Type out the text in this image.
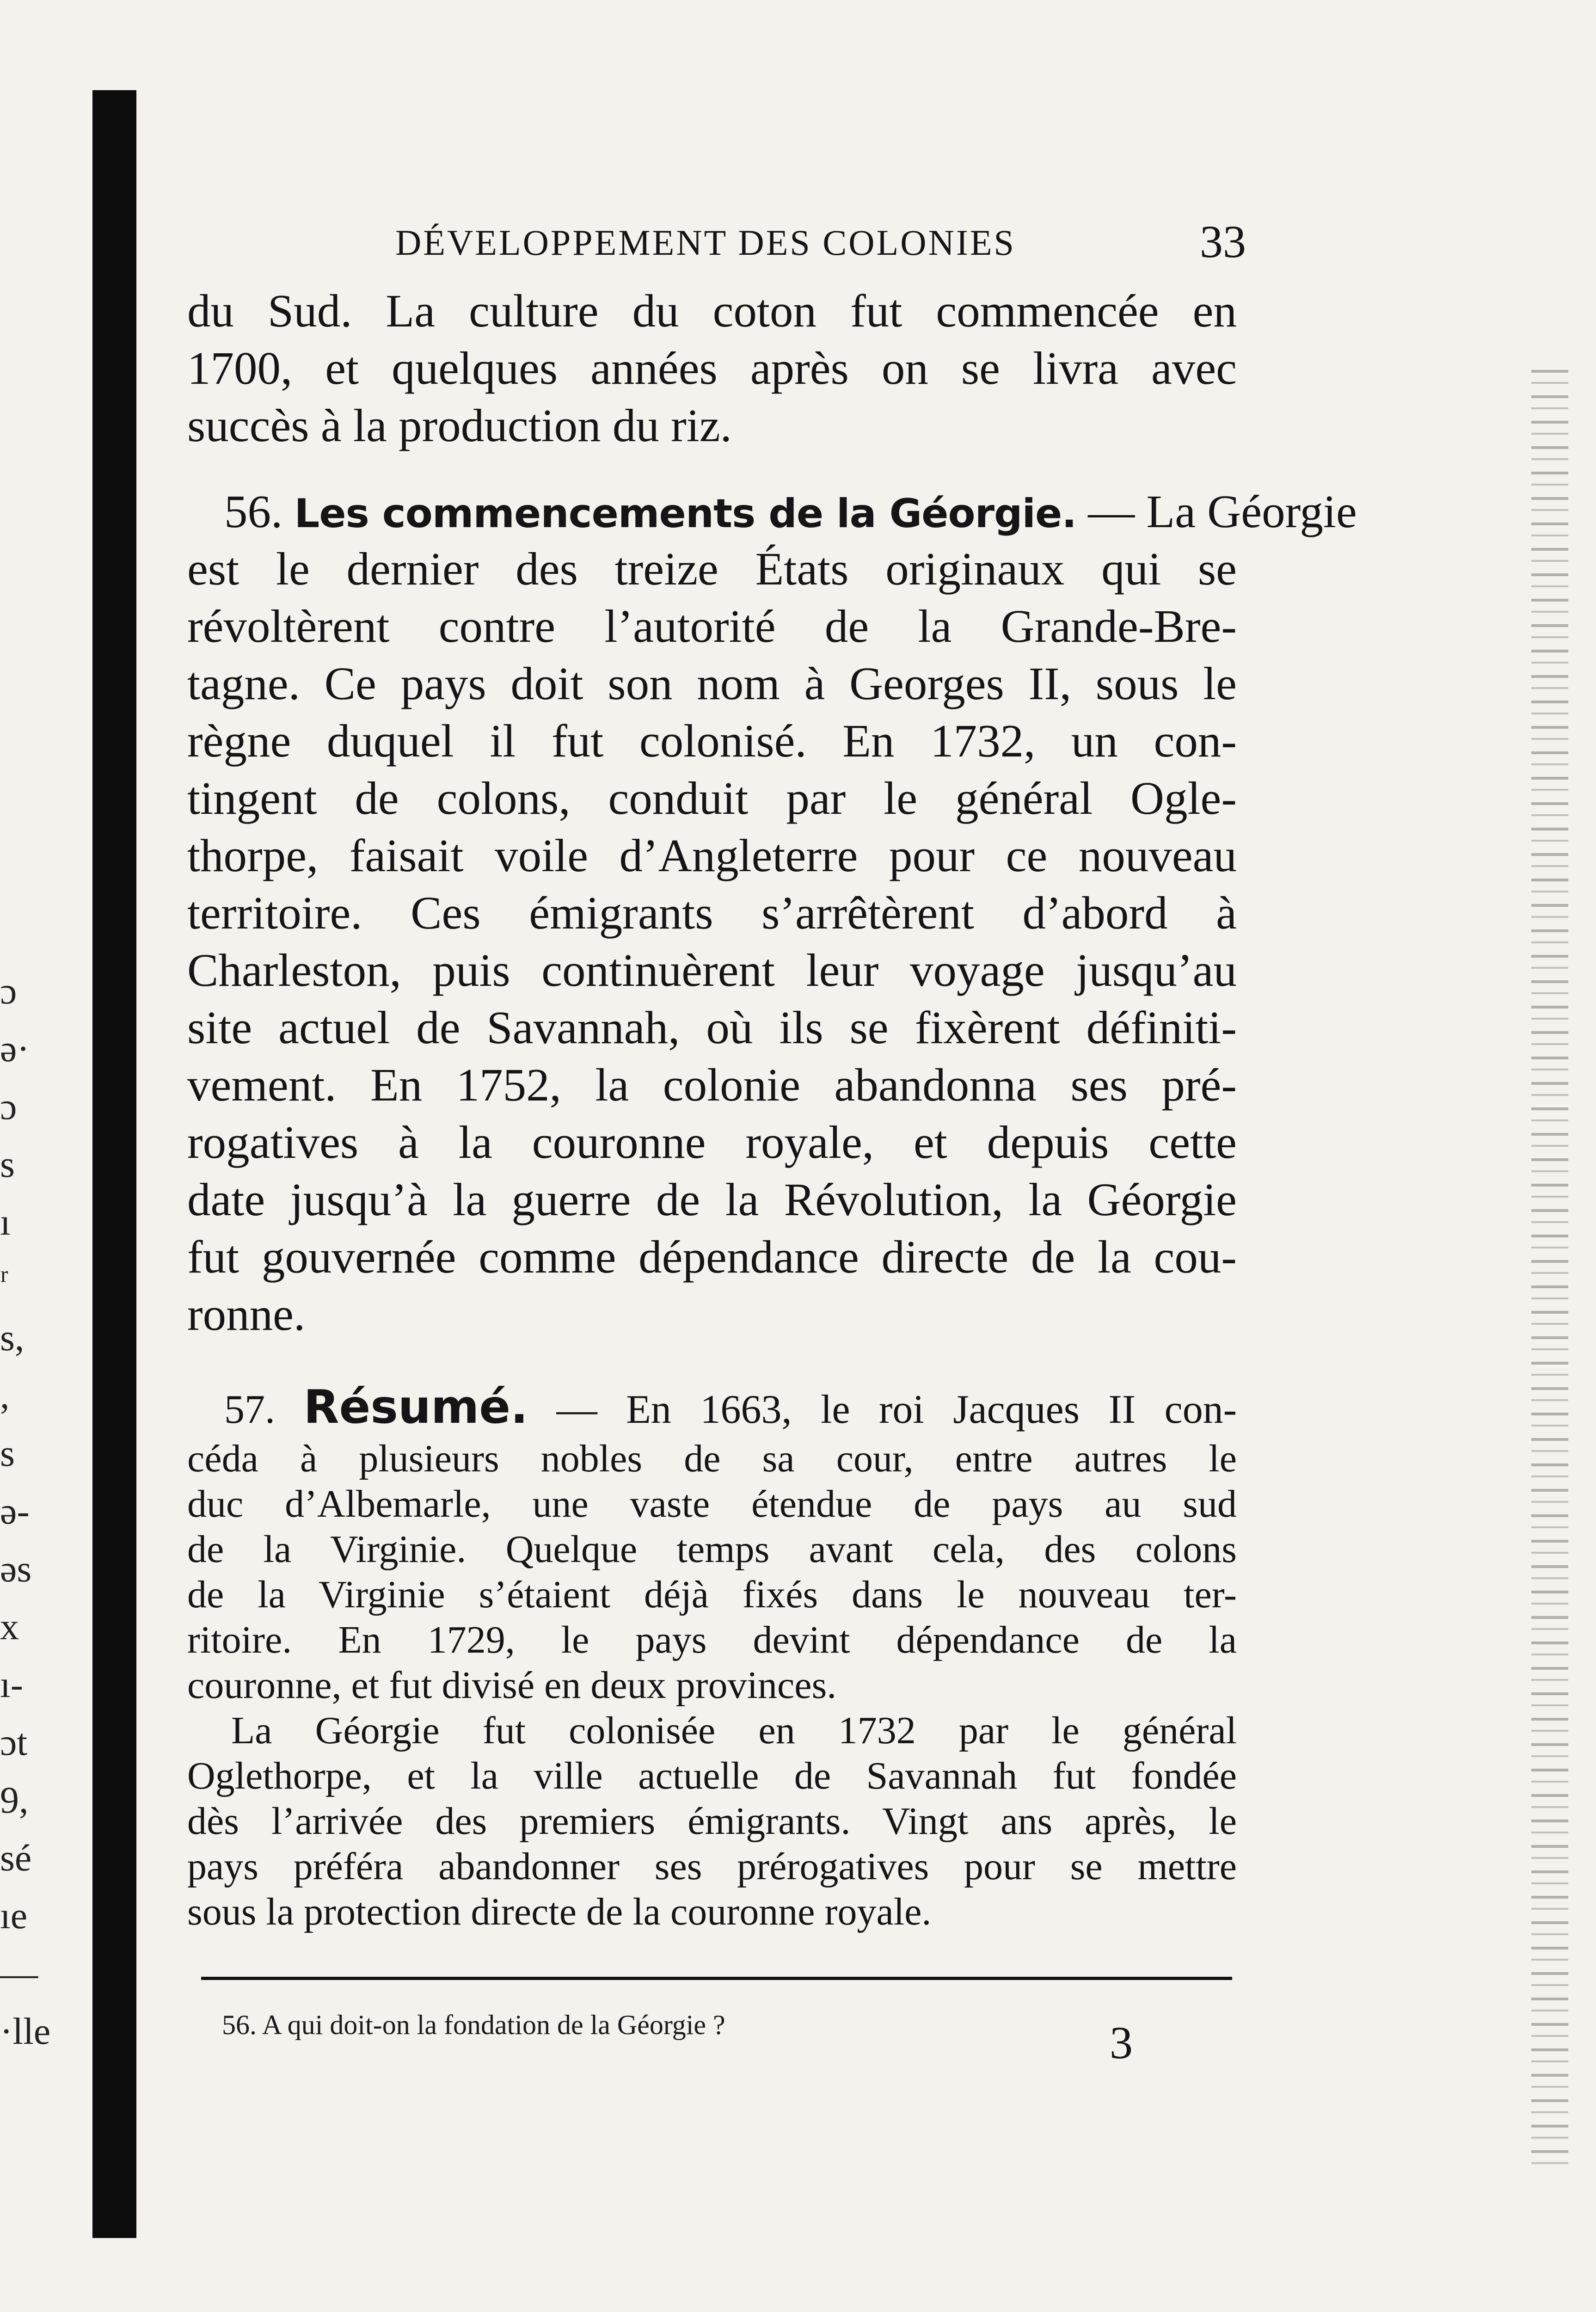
ɔ
ǝ·
ɔ
s
ı
ʳ
s,
,
s
ǝ-
ǝs
x
ı-
ɔt
9,
sé
ıe
—
·lle
DÉVELOPPEMENT DES COLONIES	33
du Sud. La culture du coton fut commencée en
1700, et quelques années après on se livra avec
succès à la production du riz.
56. Les commencements de la Géorgie. — La Géorgie
est le dernier des treize États originaux qui se
révoltèrent contre l’autorité de la Grande-Bre-
tagne. Ce pays doit son nom à Georges II, sous le
règne duquel il fut colonisé. En 1732, un con-
tingent de colons, conduit par le général Ogle-
thorpe, faisait voile d’Angleterre pour ce nouveau
territoire. Ces émigrants s’arrêtèrent d’abord à
Charleston, puis continuèrent leur voyage jusqu’au
site actuel de Savannah, où ils se fixèrent définiti-
vement. En 1752, la colonie abandonna ses pré-
rogatives à la couronne royale, et depuis cette
date jusqu’à la guerre de la Révolution, la Géorgie
fut gouvernée comme dépendance directe de la cou-
ronne.
57. Résumé. — En 1663, le roi Jacques II con-
céda à plusieurs nobles de sa cour, entre autres le
duc d’Albemarle, une vaste étendue de pays au sud
de la Virginie. Quelque temps avant cela, des colons
de la Virginie s’étaient déjà fixés dans le nouveau ter-
ritoire. En 1729, le pays devint dépendance de la
couronne, et fut divisé en deux provinces.
La Géorgie fut colonisée en 1732 par le général
Oglethorpe, et la ville actuelle de Savannah fut fondée
dès l’arrivée des premiers émigrants. Vingt ans après, le
pays préféra abandonner ses prérogatives pour se mettre
sous la protection directe de la couronne royale.
56. A qui doit-on la fondation de la Géorgie ?	3
